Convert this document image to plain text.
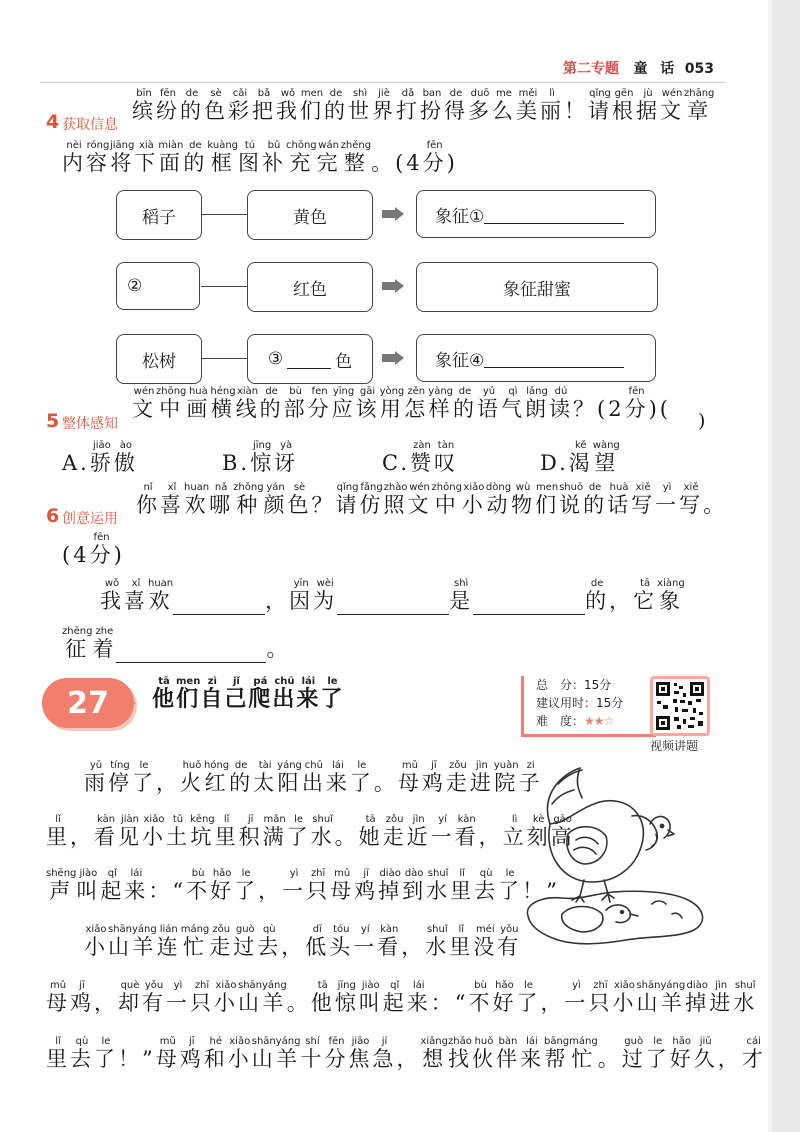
第二专题 童 话 053
4 获取信息
缤bīn纷fēn的de色sè彩cǎi把bǎ我wǒ们men的de世shì界jiè打dǎ扮ban得de多duō么me美měi丽lì！ 请qǐng根gēn据jù文wén章zhāng
内nèi容róng将jiāng下xià面miàn的de框kuàng图tú补bǔ充chōng完wán整zhěng。 (4 分fēn)
稻子	黄色	象征①
②	红色	象征甜蜜
松树	③	色	象征④
5 整体感知
文wén中zhōng画huà横héng线xiàn的de部bù分fen应yīng该gāi用yòng怎zěn样yàng的de语yǔ气qì朗lǎng读dú？ (2 分fēn) ( )
A.骄jiāo傲ào
B.惊jīng讶yà
C.赞zàn叹tàn
D.渴kě望wàng
6 创意运用
你nǐ喜xǐ欢huan哪nǎ种zhǒng颜yán色sè？ 请qǐng仿fǎng照zhào文wén中zhōng小xiǎo动dòng物wù们men说shuō的de话huà写xiě一yì写xiě。
(4 分fēn)
我wǒ喜xǐ欢huan， 因yīn为wèi是shì的de， 它tā象xiàng
征zhēng着zhe。
27 他tā们men自zì己jǐ爬pá出chū来lái了le	总　分：15分
建议用时：15分
难　度：★★☆
视频讲题
雨yǔ停tíng了le， 火huǒ红hóng的de太tài阳yáng出chū来lái了le。 母mǔ鸡jī走zǒu进jìn院yuàn子zi
里lǐ， 看kàn见jiàn小xiǎo土tǔ坑kēng里lǐ积jī满mǎn了le水shuǐ。 她tā走zǒu近jìn一yí看kàn， 立lì刻kè高gāo
声shēng叫jiào起qǐ来lái：“ 不bù好hǎo了le， 一yì只zhī母mǔ鸡jī掉diào到dào水shuǐ里lǐ去qù了le！”
小xiǎo山shān羊yáng连lián忙máng走zǒu过guò去qù， 低dī头tóu一yí看kàn， 水shuǐ里lǐ没méi有yǒu
母mǔ鸡jī， 却què有yǒu一yì只zhī小xiǎo山shān羊yáng。 他tā惊jīng叫jiào起qǐ来lái：“ 不bù好hǎo了le， 一yì只zhī小xiǎo山shān羊yáng掉diào进jìn水shuǐ
里lǐ去qù了le！” 母mǔ鸡jī和hé小xiǎo山shān羊yáng十shí分fēn焦jiāo急jí， 想xiǎng找zhǎo伙huǒ伴bàn来lái帮bāng忙máng。 过guò了le好hǎo久jiǔ， 才cái
